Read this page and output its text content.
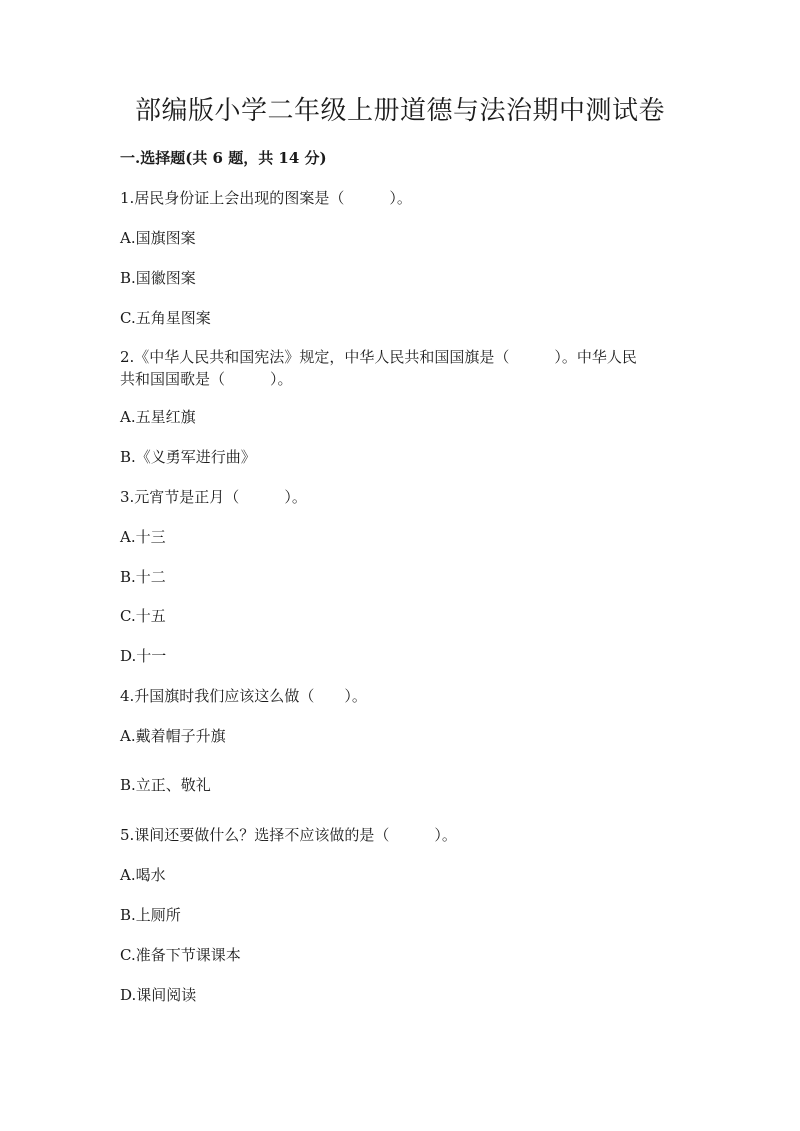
部编版小学二年级上册道德与法治期中测试卷
一.选择题(共 6 题，共 14 分)
1.居民身份证上会出现的图案是（　　　）。
A.国旗图案
B.国徽图案
C.五角星图案
2.《中华人民共和国宪法》规定，中华人民共和国国旗是（　　　）。中华人民
共和国国歌是（　　　）。
A.五星红旗
B.《义勇军进行曲》
3.元宵节是正月（　　　）。
A.十三
B.十二
C.十五
D.十一
4.升国旗时我们应该这么做（　　）。
A.戴着帽子升旗
B.立正、敬礼
5.课间还要做什么？选择不应该做的是（　　　）。
A.喝水
B.上厕所
C.准备下节课课本
D.课间阅读
